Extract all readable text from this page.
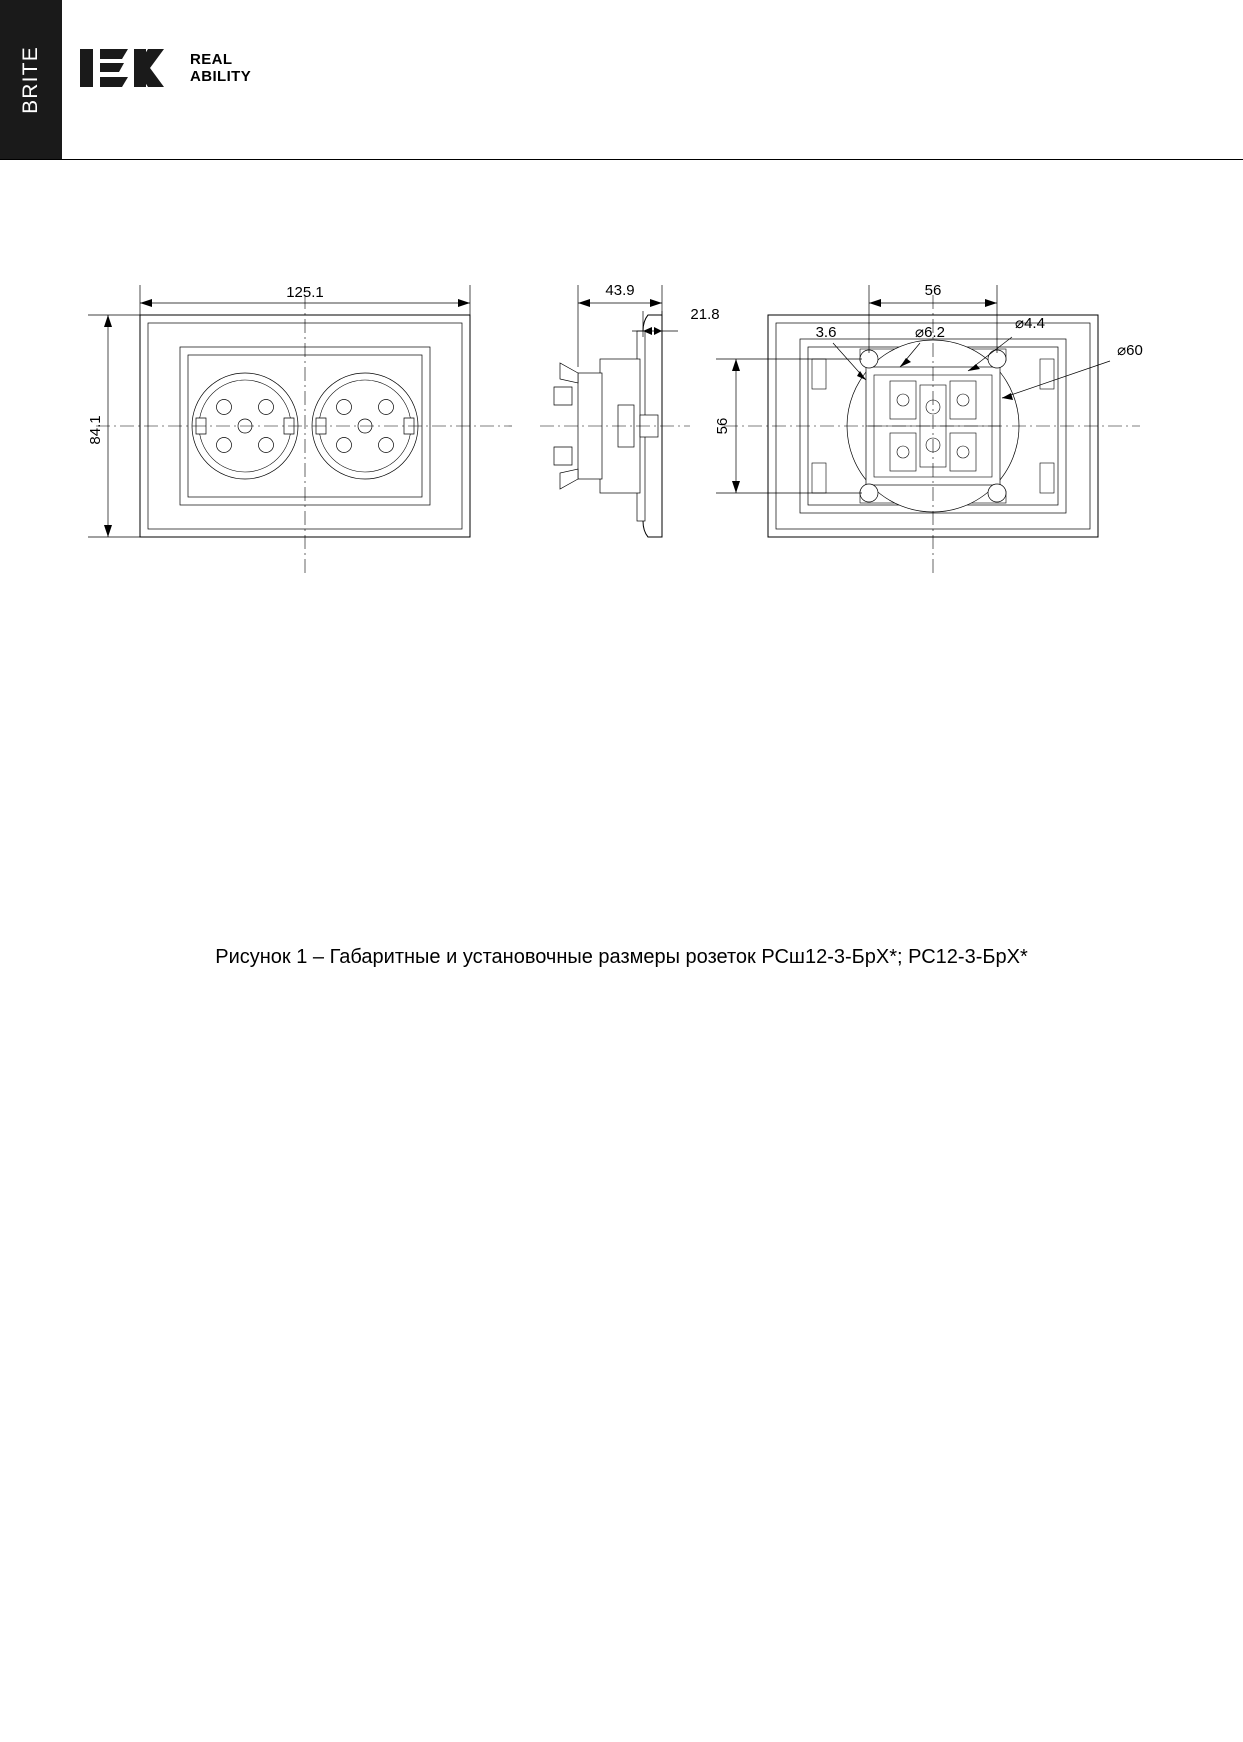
BRITE	REAL
ABILITY
125.1
84.1
43.9
21.8
56
56
3.6	⌀6.2
⌀4.4
⌀60
Рисунок 1 – Габаритные и установочные размеры розеток РСш12-3-БрX*; РС12-3-БрX*
